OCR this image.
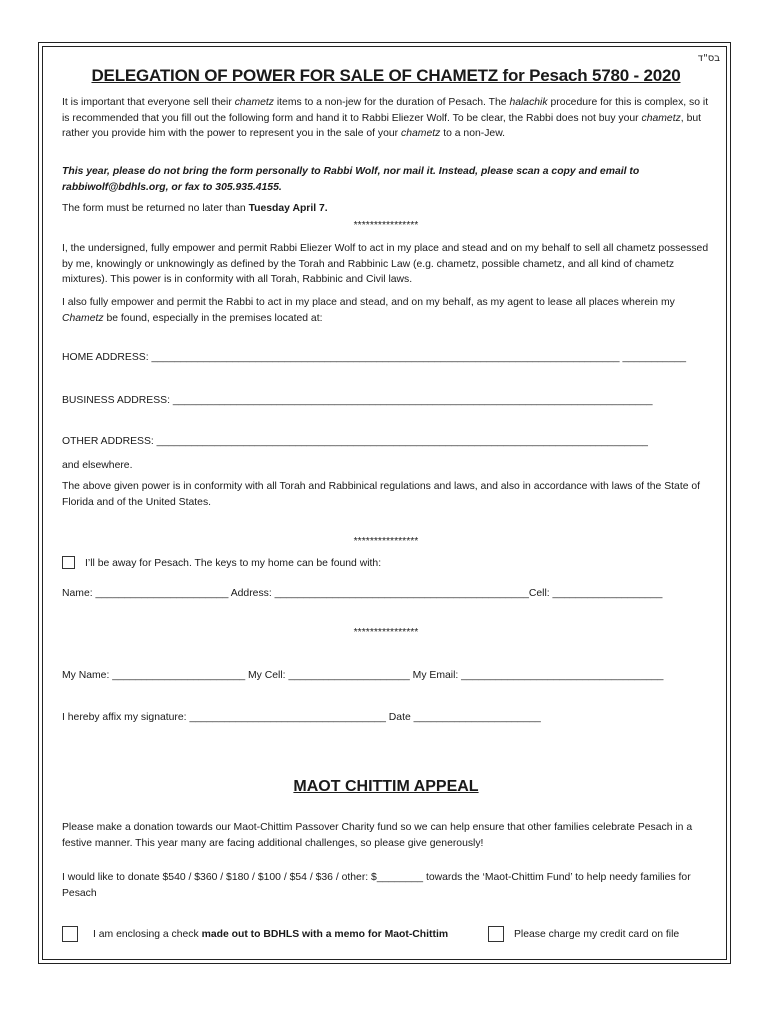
בס"ד
DELEGATION OF POWER FOR SALE OF CHAMETZ for Pesach 5780 - 2020
It is important that everyone sell their chametz items to a non-jew for the duration of Pesach. The halachik procedure for this is complex, so it is recommended that you fill out the following form and hand it to Rabbi Eliezer Wolf. To be clear, the Rabbi does not buy your chametz, but rather you provide him with the power to represent you in the sale of your chametz to a non-Jew.
This year, please do not bring the form personally to Rabbi Wolf, nor mail it. Instead, please scan a copy and email to rabbiwolf@bdhls.org, or fax to 305.935.4155.
The form must be returned no later than Tuesday April 7.
****************
I, the undersigned, fully empower and permit Rabbi Eliezer Wolf to act in my place and stead and on my behalf to sell all chametz possessed by me, knowingly or unknowingly as defined by the Torah and Rabbinic Law (e.g. chametz, possible chametz, and all kind of chametz mixtures). This power is in conformity with all Torah, Rabbinic and Civil laws.
I also fully empower and permit the Rabbi to act in my place and stead, and on my behalf, as my agent to lease all places wherein my Chametz be found, especially in the premises located at:
HOME ADDRESS: _________________________________________________________________________________ ___________
BUSINESS ADDRESS: ___________________________________________________________________________________
OTHER ADDRESS: _____________________________________________________________________________________
and elsewhere.
The above given power is in conformity with all Torah and Rabbinical regulations and laws, and also in accordance with laws of the State of Florida and of the United States.
****************
I’ll be away for Pesach. The keys to my home can be found with:
Name: _______________________ Address: ____________________________________________Cell: ___________________
****************
My Name: _______________________ My Cell: _____________________ My Email: ___________________________________
I hereby affix my signature: __________________________________ Date ______________________
MAOT CHITTIM APPEAL
Please make a donation towards our Maot-Chittim Passover Charity fund so we can help ensure that other families celebrate Pesach in a festive manner. This year many are facing additional challenges, so please give generously!
I would like to donate $540 / $360 / $180 / $100 / $54 / $36 / other: $________ towards the ‘Maot-Chittim Fund’ to help needy families for Pesach
I am enclosing a check made out to BDHLS with a memo for Maot-Chittim	Please charge my credit card on file
